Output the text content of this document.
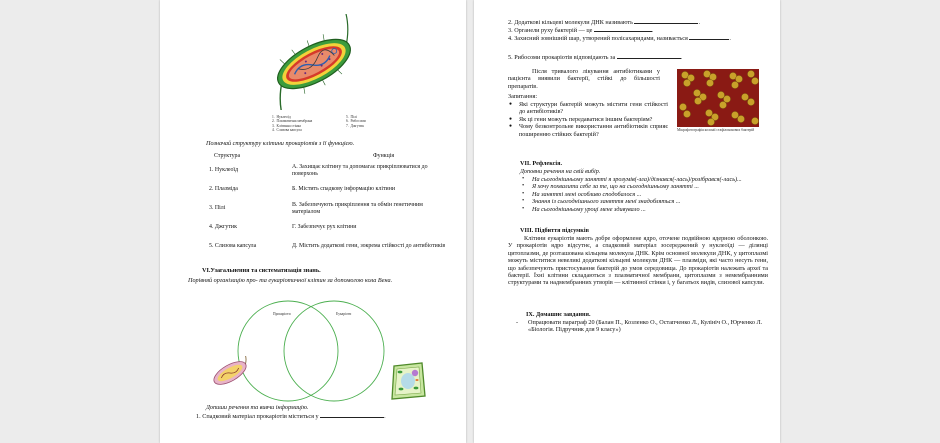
1. Нуклеоїд
2. Плазматична мембрана
3. Клітинна стінка
4. Слизова капсула
5. Пілі
6. Рибосоми
7. Джгутик
Позначай структуру клітини прокаріотів з її функцією.
Структура	Функція
1. Нуклеоїд	А. Захищає клітину та допомагає прикріплюватися до поверхонь
2. Плазміда	Б. Містить спадкову інформацію клітини
3. Пілі	В. Забезпечують прикріплення та обмін генетичним матеріалом
4. Джгутик	Г. Забезпечує рух клітини
5. Слизова капсула	Д. Містить додаткові гени, зокрема стійкості до антибіотиків
VI.Узагальнення та систематизація знань.
Порівняй організацію про- та еукаріотичної клітин за допомогою кола Вена.
Прокаріоти	Еукаріоти
Допиши речення та вивчи інформацію.
1. Спадковий матеріал прокаріотів міститься у	.
2. Додаткові кільцеві молекули ДНК називають	.
3. Органели руху бактерій — це	.
4. Захисний зовнішній шар, утворений полісахаридами, називається	.
5. Рибосоми прокаріотів відповідають за	.
Після тривалого лікування антибіотиками у пацієнта виявили бактерії, стійкі до більшості препаратів.
Запитання:
● Які структури бактерій можуть містити гени стійкості до антибіотиків?
● Як ці гени можуть передаватися іншим бактеріям?
● Чому безконтрольне використання антибіотиків сприяє поширенню стійких бактерій?
Мікрофотографія колонії стафілококових бактерій
VII. Рефлексія.
Доповни речення на свій вибір.
• На сьогоднішньому занятті я зрозумів(-зла)/дізнався(-лась)/розібрався(-лась)...
• Я хочу похвалити себе за те, що на сьогоднішньому занятті ...
• На занятті мені особливо сподобалося ...
• Знання із сьогоднішнього заняття мені знадобляться ...
• На сьогоднішньому уроці мене здивувало ...
VIII. Підбиття підсумків
Клітини еукаріотів мають добре оформлене ядро, оточене подвійною ядерною оболонкою. У прокаріотів ядро відсутнє, а спадковий матеріал зосереджений у нуклеоїді — ділянці цитоплазми, де розташована кільцева молекула ДНК. Крім основної молекули ДНК, у цитоплазмі можуть міститися невеликі додаткові кільцеві молекули ДНК — плазміди, які часто несуть гени, що забезпечують пристосування бактерій до умов середовища. До прокаріотів належать археї та бактерії. Їхні клітини складаються з плазматичної мембрани, цитоплазми з немембранними структурами та надмембранних утворів — клітинної стінки і, у багатьох видів, слизової капсули.
IX. Домашнє завдання.
- Опрацювати параграф 20 (Балан П., Козленко О., Остапченко Л., Кулініч О., Юрченко Л. «Біологія. Підручник для 9 класу»)
